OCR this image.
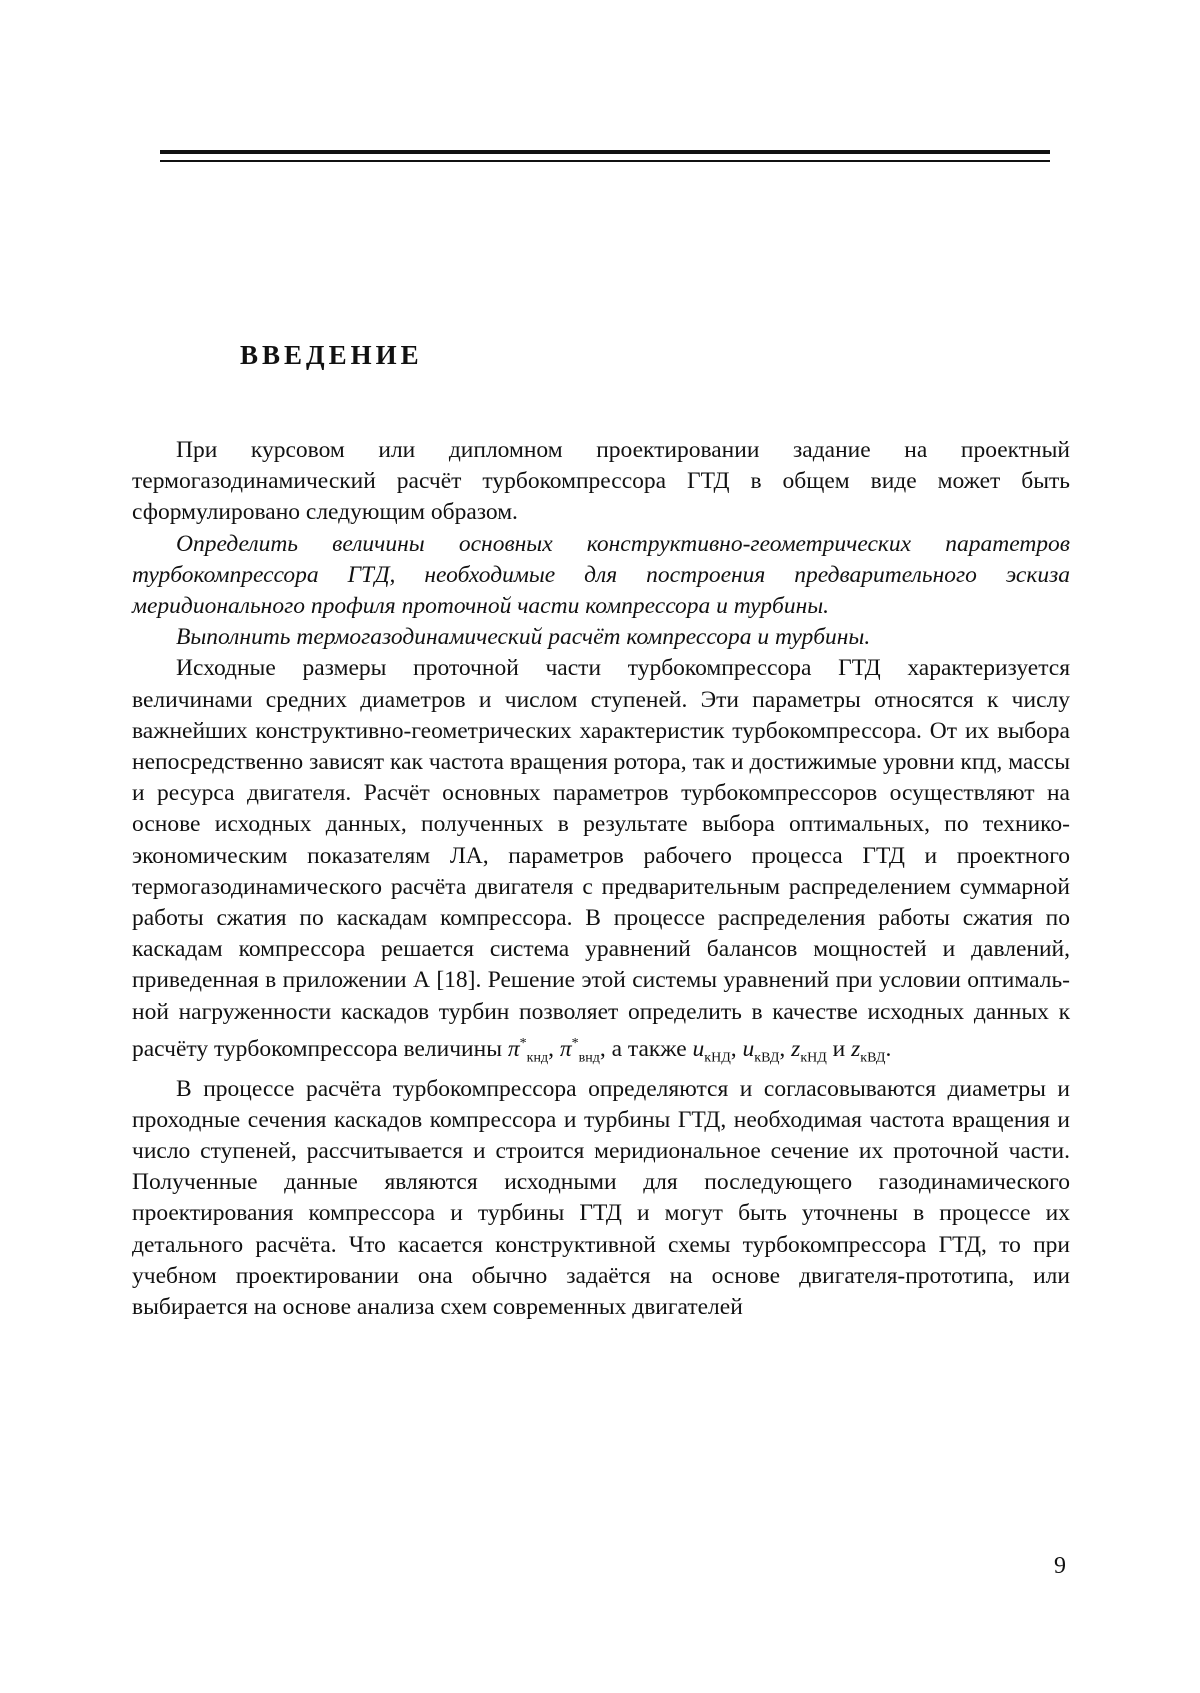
ВВЕДЕНИЕ

При курсовом или дипломном проектировании задание на проектный термогазодинамический расчёт турбокомпрессора ГТД в общем виде может быть сформулировано следующим образом.

Определить величины основных конструктивно-геометрических параmетров турбокомпрессора ГТД, необходимые для построения предварительного эскиза меридионального профиля проточной части компрессора и турбины.

Выполнить термогазодинамический расчёт компрессора и турбины.

Исходные размеры проточной части турбокомпрессора ГТД характеризуется величинами средних диаметров и числом ступеней. Эти параметры относятся к числу важнейших конструктивно-геометрических характеристик турбокомпрессора. От их выбора непосредственно зависят как частота вращения ротора, так и достижимые уровни кпд, массы и ресурса двигателя. Расчёт основных параметров турбокомпрессоров осуществляют на основе исходных данных, полученных в результате выбора оптимальных, по технико-экономическим показателям ЛА, параметров рабочего процесса ГТД и проектного термогазодинамического расчёта двигателя с предварительным распределением суммарной работы сжатия по каскадам компрессора. В процессе распределения работы сжатия по каскадам компрессора решается система уравнений балансов мощностей и давлений, приведенная в приложении А [18]. Решение этой системы уравнений при условии оптимальной нагруженности каскадов турбин позволяет определить в качестве исходных данных к расчёту турбокомпрессора величины $\pi^*_{кнд}$, $\pi^*_{внд}$, а также $u_{кНД}$, $u_{кВД}$, $z_{кНД}$ и $z_{кВД}$.

В процессе расчёта турбокомпрессора определяются и согласовываются диаметры и проходные сечения каскадов компрессора и турбины ГТД, необходимая частота вращения и число ступеней, рассчитывается и строится меридиональное сечение их проточной части. Полученные данные являются исходными для последующего газодинамического проектирования компрессора и турбины ГТД и могут быть уточнены в процессе их детального расчёта. Что касается конструктивной схемы турбокомпрессора ГТД, то при учебном проектировании она обычно задаётся на основе двигателя-прототипа, или выбирается на основе анализа схем современных двигателей

9
